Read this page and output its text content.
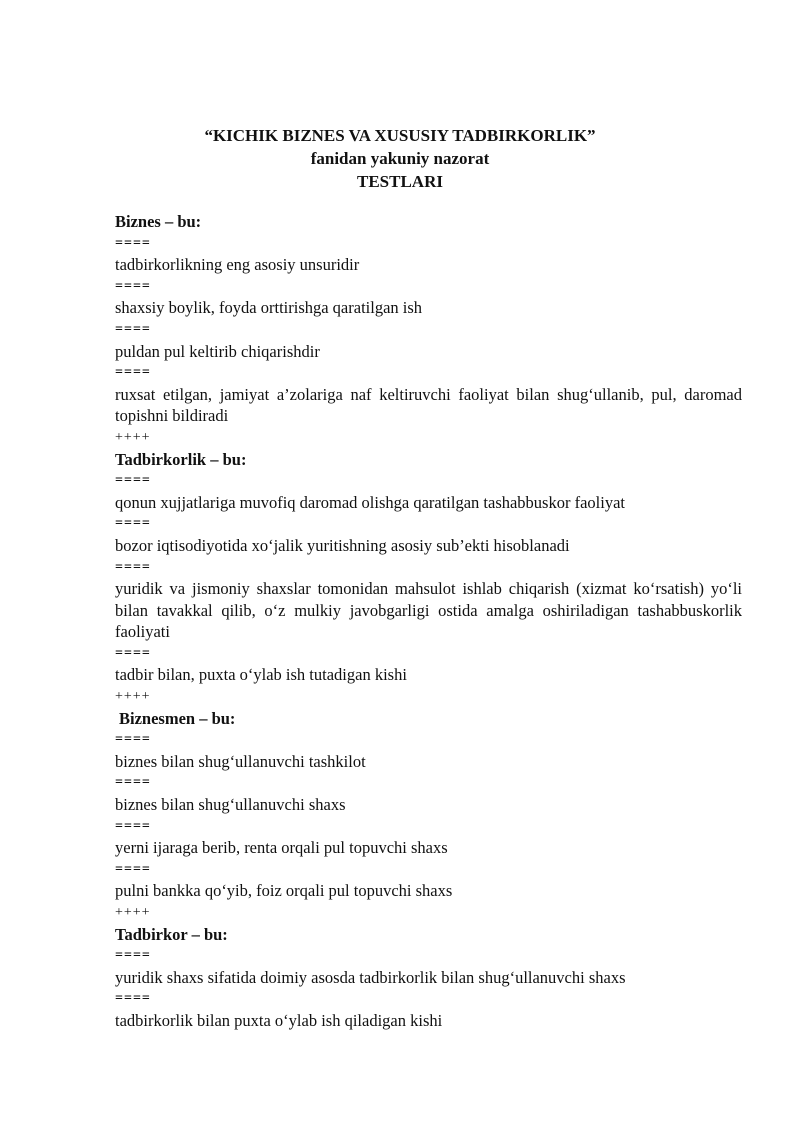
“KICHIK BIZNES VA XUSUSIY TADBIRKORLIK”
fanidan yakuniy nazorat
TESTLARI
Biznes – bu:
====
tadbirkorlikning eng asosiy unsuridir
====
shaxsiy boylik, foyda orttirishga qaratilgan ish
====
puldan pul keltirib chiqarishdir
====
ruxsat etilgan, jamiyat a’zolariga naf keltiruvchi faoliyat bilan shug‘ullanib, pul, daromad topishni bildiradi
++++
Tadbirkorlik – bu:
====
qonun xujjatlariga muvofiq daromad olishga qaratilgan tashabbuskor faoliyat
====
bozor iqtisodiyotida xo‘jalik yuritishning asosiy sub’ekti hisoblanadi
====
yuridik va jismoniy shaxslar tomonidan mahsulot ishlab chiqarish (xizmat ko‘rsatish) yo‘li bilan tavakkal qilib, o‘z mulkiy javobgarligi ostida amalga oshiriladigan tashabbuskorlik faoliyati
====
tadbir bilan, puxta o‘ylab ish tutadigan kishi
++++
Biznesmen – bu:
====
biznes bilan shug‘ullanuvchi tashkilot
====
biznes bilan shug‘ullanuvchi shaxs
====
yerni ijaraga berib, renta orqali pul topuvchi shaxs
====
pulni bankka qo‘yib, foiz orqali pul topuvchi shaxs
++++
Tadbirkor – bu:
====
yuridik shaxs sifatida doimiy asosda tadbirkorlik bilan shug‘ullanuvchi shaxs
====
tadbirkorlik bilan puxta o‘ylab ish qiladigan kishi
